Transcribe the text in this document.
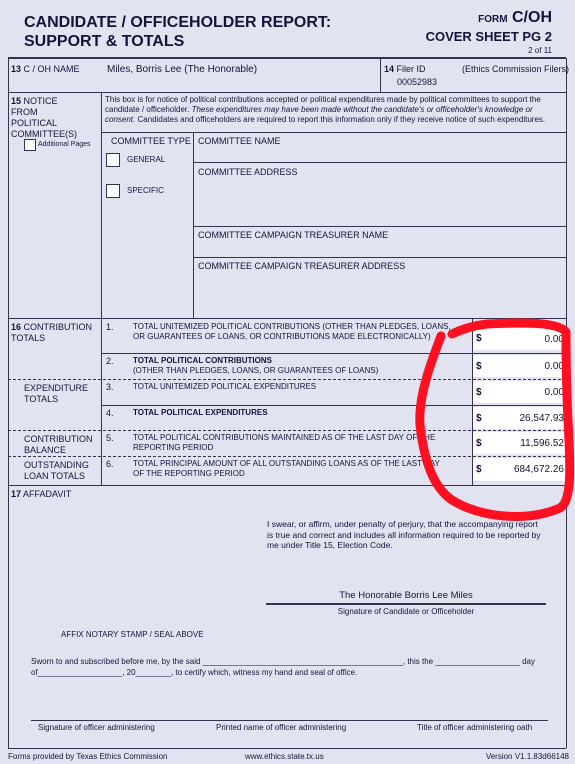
CANDIDATE / OFFICEHOLDER REPORT:
SUPPORT & TOTALS
FORM C/OH
COVER SHEET PG 2
2 of 11
13 C / OH NAME	Miles, Borris Lee (The Honorable)	14 Filer ID
00052983
(Ethics Commission Filers)
15 NOTICE
FROM
POLITICAL
COMMITTEE(S)
Additional Pages
This box is for notice of political contributions accepted or political expenditures made by political committees to support the candidate / officeholder. These expenditures may have been made without the candidate's or officeholder's knowledge or consent. Candidates and officeholders are required to report this information only if they receive notice of such expenditures.
COMMITTEE TYPE
GENERAL
SPECIFIC
COMMITTEE NAME
COMMITTEE ADDRESS
COMMITTEE CAMPAIGN TREASURER NAME
COMMITTEE CAMPAIGN TREASURER ADDRESS
16 CONTRIBUTION TOTALS
EXPENDITURE TOTALS
CONTRIBUTION BALANCE
OUTSTANDING LOAN TOTALS
1. TOTAL UNITEMIZED POLITICAL CONTRIBUTIONS (OTHER THAN PLEDGES, LOANS,
OR GUARANTEES OF LOANS, OR CONTRIBUTIONS MADE ELECTRONICALLY)	$	0.00
2. TOTAL POLITICAL CONTRIBUTIONS
(OTHER THAN PLEDGES, LOANS, OR GUARANTEES OF LOANS)	$	0.00
3. TOTAL UNITEMIZED POLITICAL EXPENDITURES
$	0.00
4. TOTAL POLITICAL EXPENDITURES
$	26,547.93
5. TOTAL POLITICAL CONTRIBUTIONS MAINTAINED AS OF THE LAST DAY OF THE
REPORTING PERIOD	$	11,596.52
6. TOTAL PRINCIPAL AMOUNT OF ALL OUTSTANDING LOANS AS OF THE LAST DAY
OF THE REPORTING PERIOD	$	684,672.26
17 AFFADAVIT
I swear, or affirm, under penalty of perjury, that the accompanying report is true and correct and includes all information required to be reported by me under Title 15, Election Code.
The Honorable Borris Lee Miles
Signature of Candidate or Officeholder
AFFIX NOTARY STAMP / SEAL ABOVE
Sworn to and subscribed before me, by the said _____________________________________________, this the ___________________ day
of___________________, 20________, to certify which, witness my hand and seal of office.
Signature of officer administering	Printed name of officer administering	Title of officer administering oath
Forms provided by Texas Ethics Commission	www.ethics.state.tx.us	Version V1.1.83d66148
